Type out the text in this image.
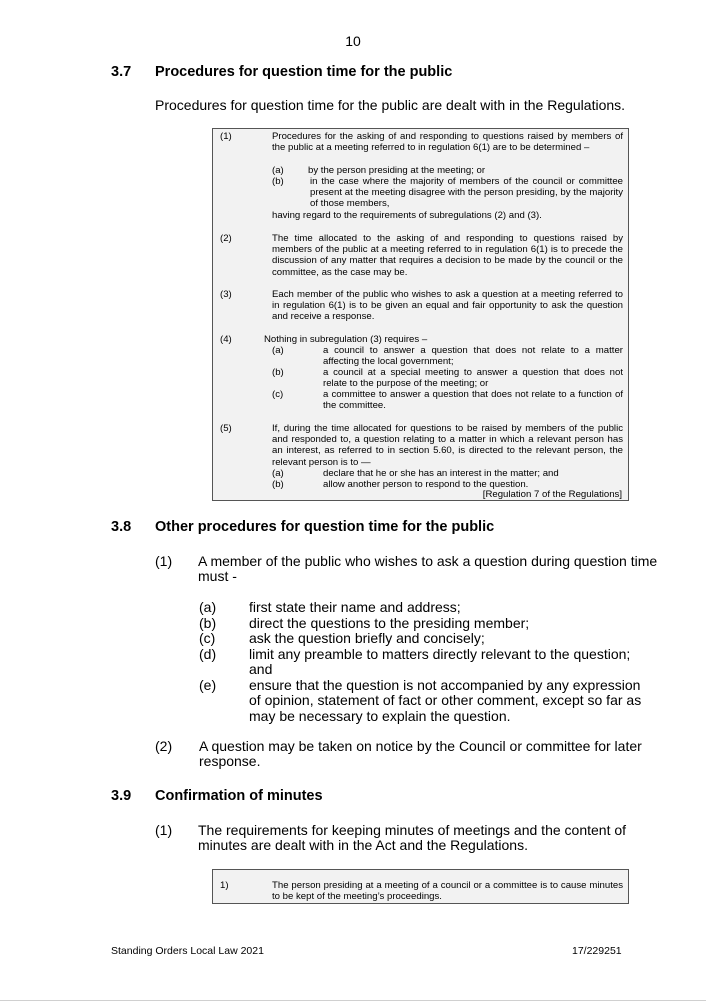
10
3.7 Procedures for question time for the public
Procedures for question time for the public are dealt with in the Regulations.
(1)	Procedures for the asking of and responding to questions raised by members of the public at a meeting referred to in regulation 6(1) are to be determined –
(a)	by the person presiding at the meeting; or
(b)	in the case where the majority of members of the council or committee present at the meeting disagree with the person presiding, by the majority of those members,
having regard to the requirements of subregulations (2) and (3).
(2)	The time allocated to the asking of and responding to questions raised by members of the public at a meeting referred to in regulation 6(1) is to precede the discussion of any matter that requires a decision to be made by the council or the committee, as the case may be.
(3)	Each member of the public who wishes to ask a question at a meeting referred to in regulation 6(1) is to be given an equal and fair opportunity to ask the question and receive a response.
(4)	Nothing in subregulation (3) requires –
(a)	a council to answer a question that does not relate to a matter affecting the local government;
(b)	a council at a special meeting to answer a question that does not relate to the purpose of the meeting; or
(c)	a committee to answer a question that does not relate to a function of the committee.
(5)	If, during the time allocated for questions to be raised by members of the public and responded to, a question relating to a matter in which a relevant person has an interest, as referred to in section 5.60, is directed to the relevant person, the relevant person is to —
(a)	declare that he or she has an interest in the matter; and
(b)	allow another person to respond to the question.
[Regulation 7 of the Regulations]
3.8 Other procedures for question time for the public
(1) A member of the public who wishes to ask a question during question time
must -
(a) first state their name and address;
(b) direct the questions to the presiding member;
(c) ask the question briefly and concisely;
(d) limit any preamble to matters directly relevant to the question;
and
(e) ensure that the question is not accompanied by any expression
of opinion, statement of fact or other comment, except so far as
may be necessary to explain the question.
(2) A question may be taken on notice by the Council or committee for later
response.
3.9 Confirmation of minutes
(1) The requirements for keeping minutes of meetings and the content of
minutes are dealt with in the Act and the Regulations.
1)	The person presiding at a meeting of a council or a committee is to cause minutes to be kept of the meeting’s proceedings.
Standing Orders Local Law 2021	17/229251
